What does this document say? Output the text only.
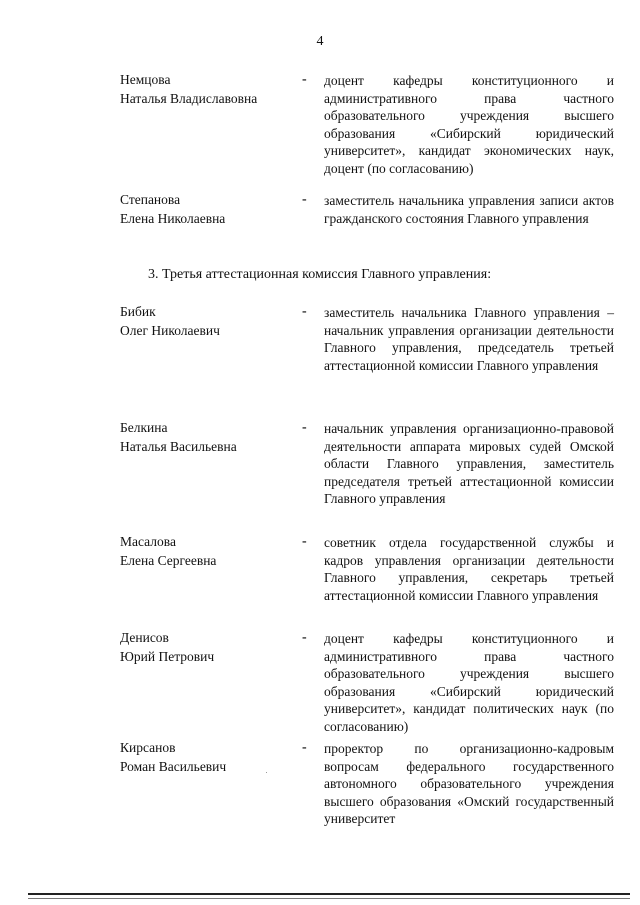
4
Немцова
Наталья Владиславовна
-	доцент кафедры конституционного и административного права частного образовательного учреждения высшего образования «Сибирский юридический университет», кандидат экономических наук, доцент (по согласованию)
Степанова
Елена Николаевна
-	заместитель начальника управления записи актов гражданского состояния Главного управления
3. Третья аттестационная комиссия Главного управления:
Бибик
Олег Николаевич
-	заместитель начальника Главного управления – начальник управления организации деятельности Главного управления, председатель третьей аттестационной комиссии Главного управления
Белкина
Наталья Васильевна
-	начальник управления организационно-правовой деятельности аппарата мировых судей Омской области Главного управления, заместитель председателя третьей аттестационной комиссии Главного управления
Масалова
Елена Сергеевна
-	советник отдела государственной службы и кадров управления организации деятельности Главного управления, секретарь третьей аттестационной комиссии Главного управления
Денисов
Юрий Петрович
-	доцент кафедры конституционного и административного права частного образовательного учреждения высшего образования «Сибирский юридический университет», кандидат политических наук (по согласованию)
Кирсанов
Роман Васильевич
-	проректор по организационно-кадровым вопросам федерального государственного автономного образовательного учреждения высшего образования «Омский государственный университет
